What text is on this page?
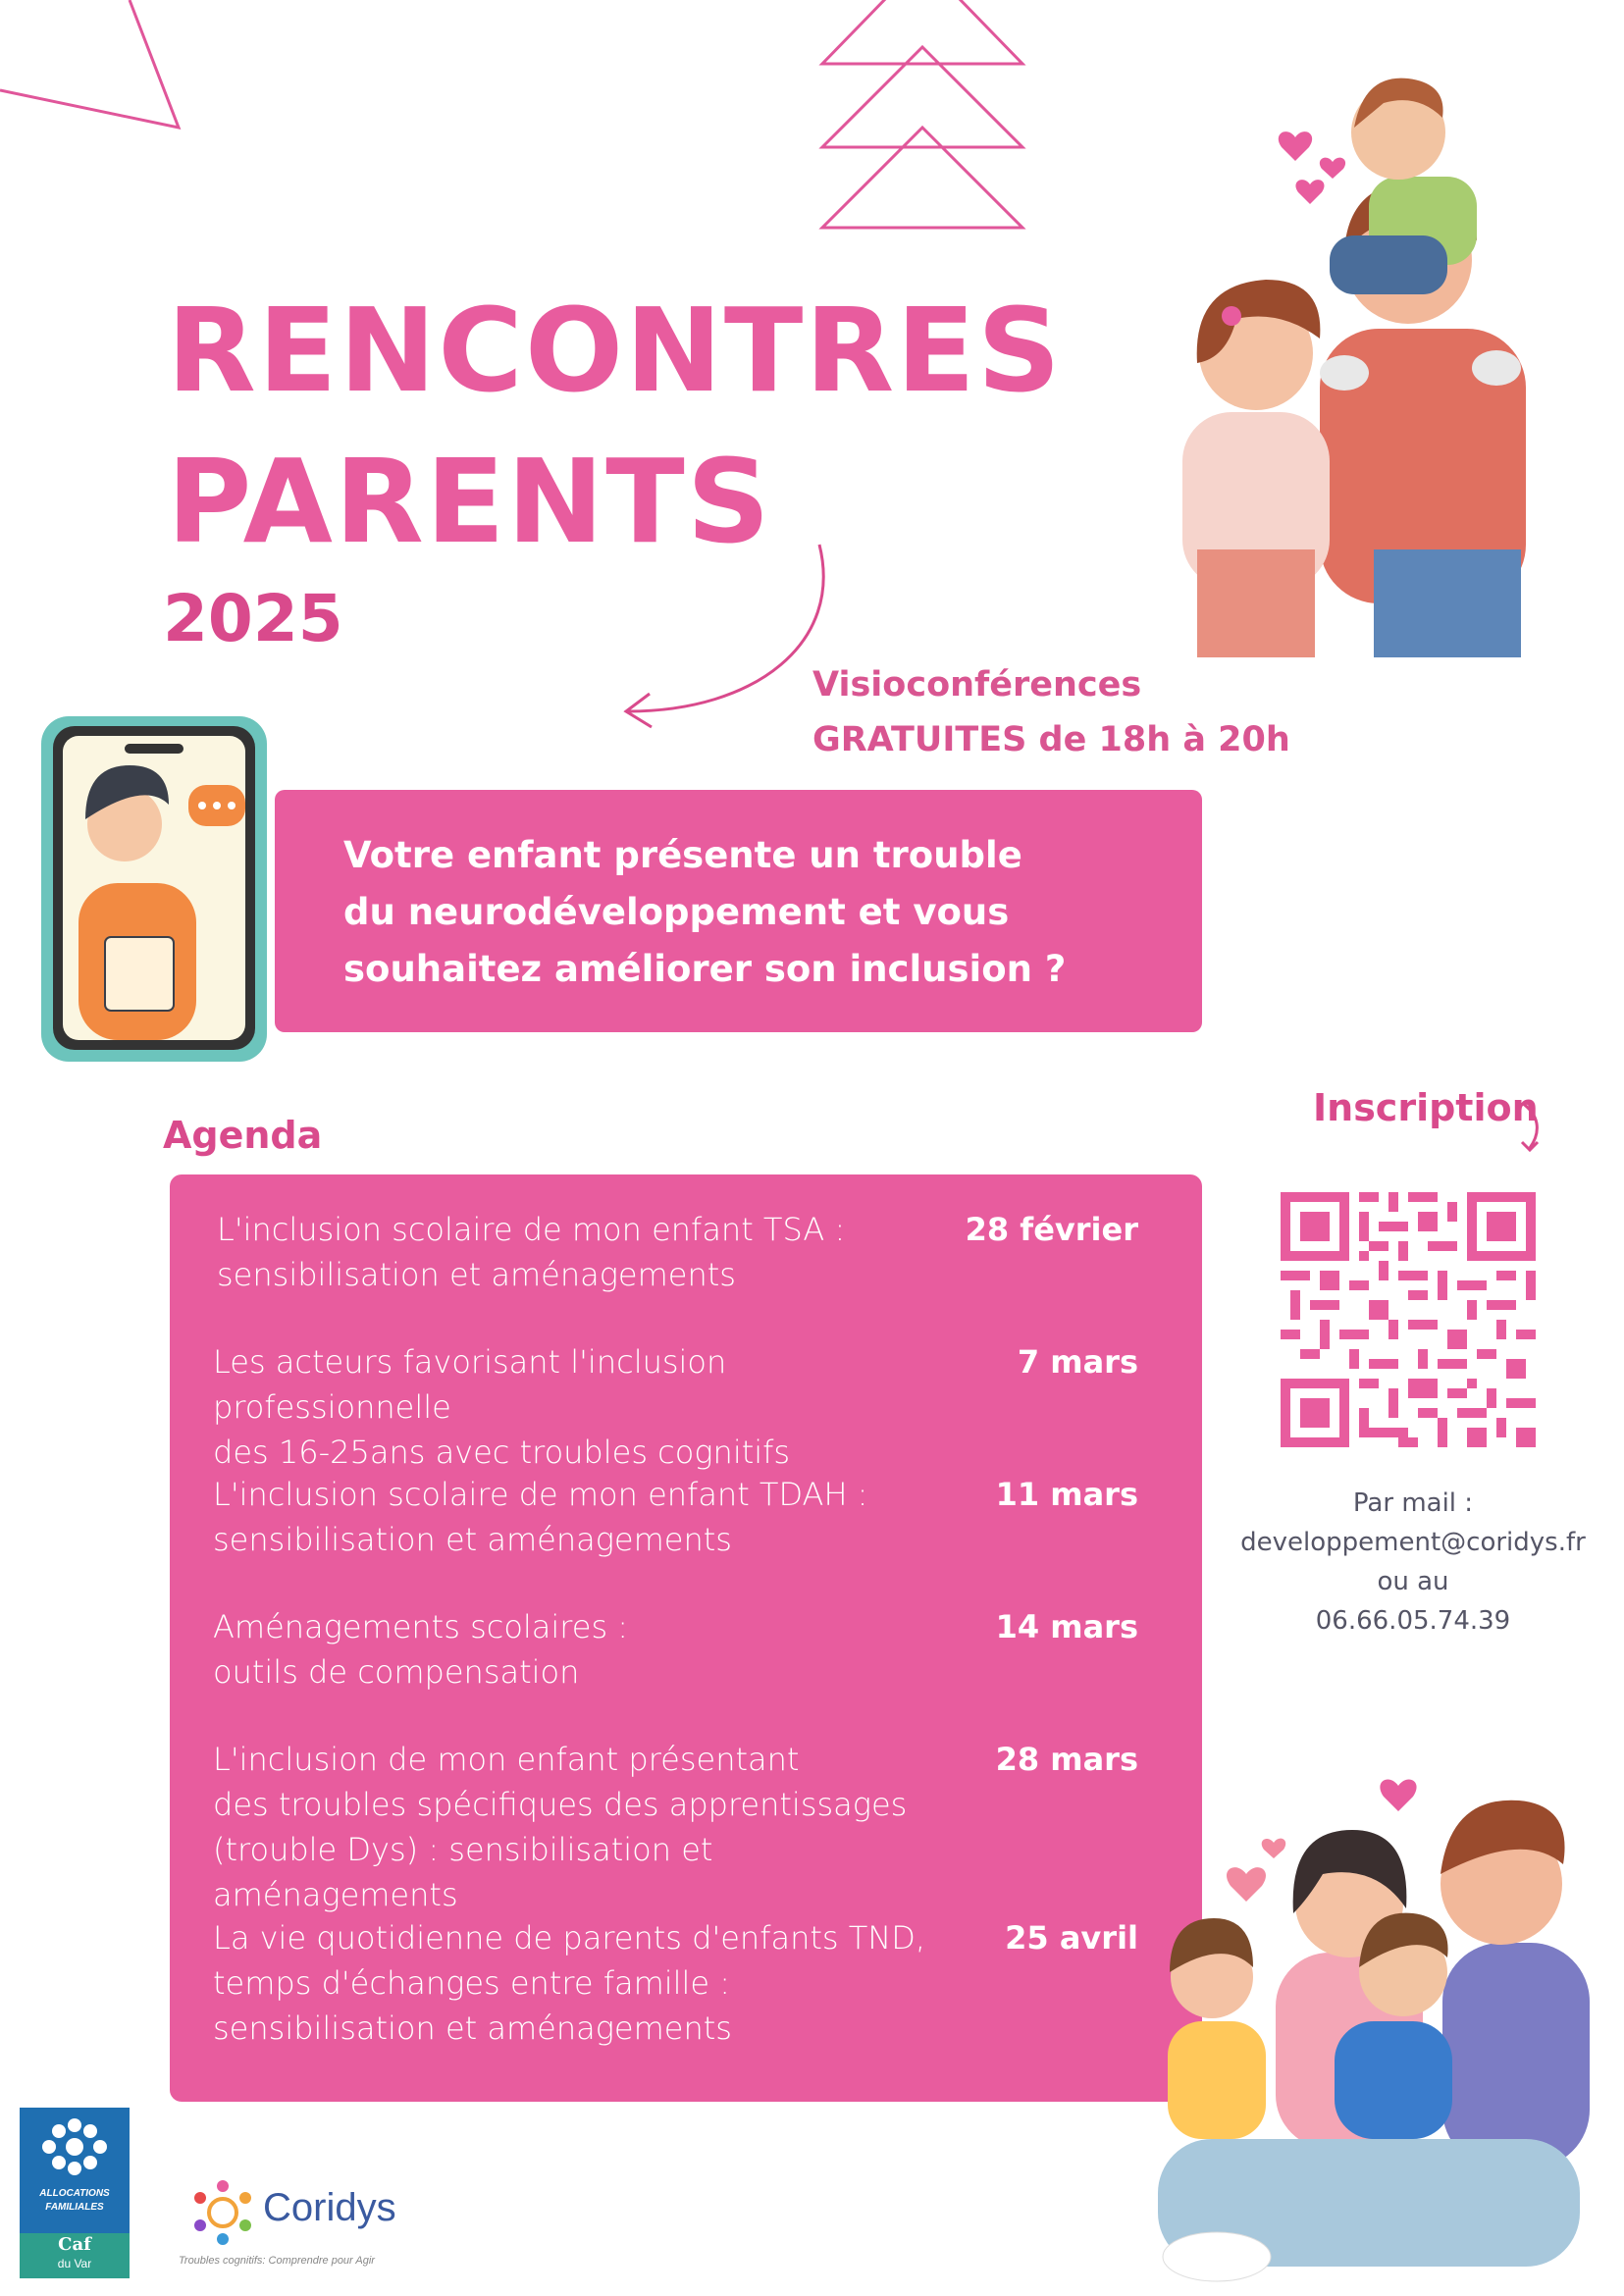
RENCONTRES
PARENTS
2025
Visioconférences
GRATUITES de 18h à 20h
Votre enfant présente un trouble
du neurodéveloppement et vous
souhaitez améliorer son inclusion ?
Agenda
L'inclusion scolaire de mon enfant TSA :
sensibilisation et aménagements
28 février
Les acteurs favorisant l'inclusion professionnelle
des 16-25ans avec troubles cognitifs
7 mars
L'inclusion scolaire de mon enfant TDAH :
sensibilisation et aménagements
11 mars
Aménagements scolaires :
outils de compensation
14 mars
L'inclusion de mon enfant présentant
des troubles spécifiques des apprentissages
(trouble Dys) : sensibilisation et aménagements
28 mars
La vie quotidienne de parents d'enfants TND,
temps d'échanges entre famille :
sensibilisation et aménagements
25 avril
Inscription
Par mail :
developpement@coridys.fr
ou au
06.66.05.74.39
ALLOCATIONS
FAMILIALES
Caf
du Var
Coridys
Troubles cognitifs: Comprendre pour Agir
